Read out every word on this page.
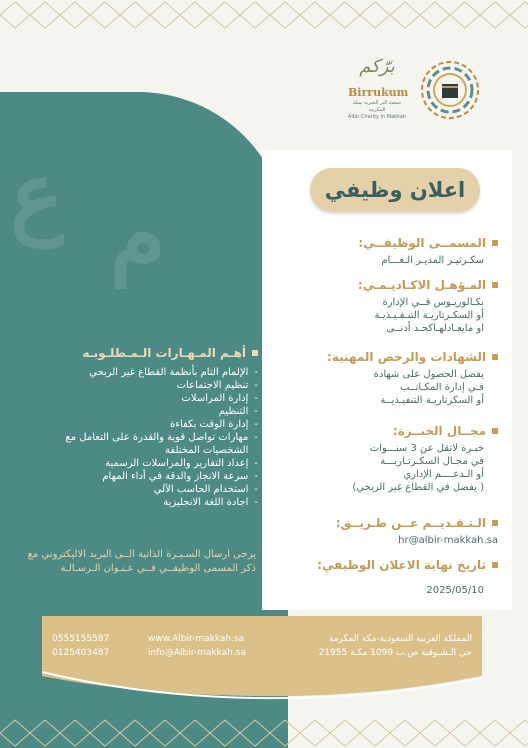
ع م
برّكم
Birrukum
جمعية البر الخيرية بمكة المكرمة
Albir Charity in Makkah
اعلان وظيفي
المسمــى الوظيفــي:
سكـرتيـر المديـر الـعـــام
المـؤهـل الاكـاديـمـي:
بكـالوريـوس فــي الإدارة
أو السكـرتاريـة التنـفـيـذيـة
او مايعـادلهـاكحـد أدنــى
الشهادات والرخص المهنية:
يفضل الحصول على شهادة
فـي إدارة المكـاتــب
أو السكرتاريـة التنفيـذيــة
مجــال الخبــرة:
خبـرة لاتقل عن 3 سنـــوات
في مجـال السكـرتـاريـــة
أو الـدعــــم الإداري
( يفضل في القطاع غير الربحي)
الـتـقـديــم عــن طـريــق:
hr@albir-makkah.sa
تاريخ نهاية الاعلان الوظيفي:
2025/05/10
أهـم المـهـارات الـمـطلـوبـه
-
الإلمام التام بأنظمة القطاع غير الربحي
-
تنظيم الاجتماعات
-
إدارة المراسلات
-
التنظيم
-
إدارة الوقت بكفاءة
-
مهارات تواصل قوية والقدرة على التعامل مع الشخصيات المختلفة
-
إعداد التقارير والمراسلات الرسمية
-
سرعة الانجاز والدقة في أداء المهام
-
استخدام الحاسب الآلي
-
اجادة اللغة الانجليزية
يرجى ارسال السـيـرة الذاتية الــى البريد الاليكتروني مع ذكر المسمى الوظيفــي فــي عـنـوان الـرسـالـة
المملكة العربية السعودية-مكة المكرمة
حي الـشـوقية ص.ب 1099 مكـة 21955
www.Albir-makkah.sa
info@Albir-makkah.sa
0555155587
0125403487
